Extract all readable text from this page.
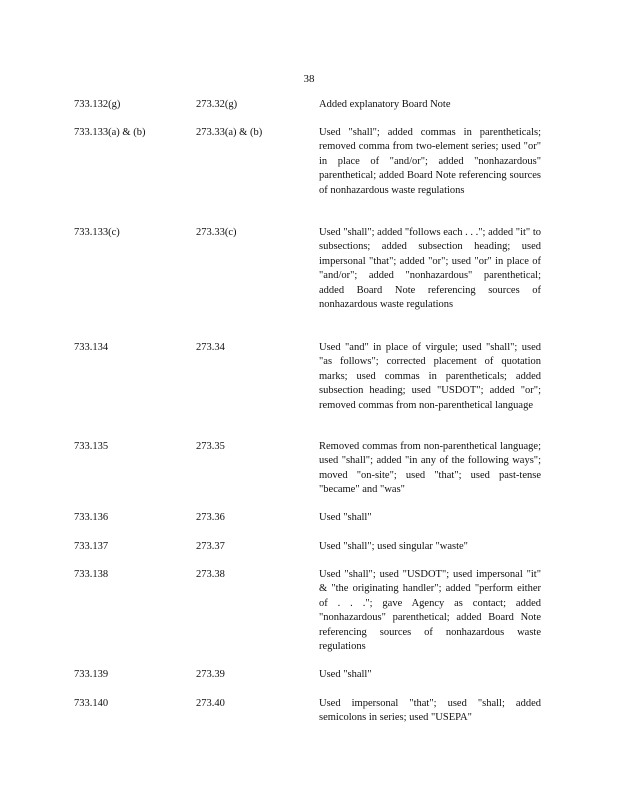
38
733.132(g)	273.32(g)	Added explanatory Board Note
733.133(a) & (b)	273.33(a) & (b)	Used "shall"; added commas in parentheticals; removed comma from two-element series; used "or" in place of "and/or"; added "nonhazardous" parenthetical; added Board Note referencing sources of nonhazardous waste regulations
733.133(c)	273.33(c)	Used "shall"; added "follows each . . ."; added "it" to subsections; added subsection heading; used impersonal "that"; added "or"; used "or" in place of "and/or"; added "nonhazardous" parenthetical; added Board Note referencing sources of nonhazardous waste regulations
733.134	273.34	Used "and" in place of virgule; used "shall"; used "as follows"; corrected placement of quotation marks; used commas in parentheticals; added subsection heading; used "USDOT"; added "or"; removed commas from non-parenthetical language
733.135	273.35	Removed commas from non-parenthetical language; used "shall"; added "in any of the following ways"; moved "on-site"; used "that"; used past-tense "became" and "was"
733.136	273.36	Used "shall"
733.137	273.37	Used "shall"; used singular "waste"
733.138	273.38	Used "shall"; used "USDOT"; used impersonal "it" & "the originating handler"; added "perform either of . . ."; gave Agency as contact; added "nonhazardous" parenthetical; added Board Note referencing sources of nonhazardous waste regulations
733.139	273.39	Used "shall"
733.140	273.40	Used impersonal "that"; used "shall; added semicolons in series; used "USEPA"
